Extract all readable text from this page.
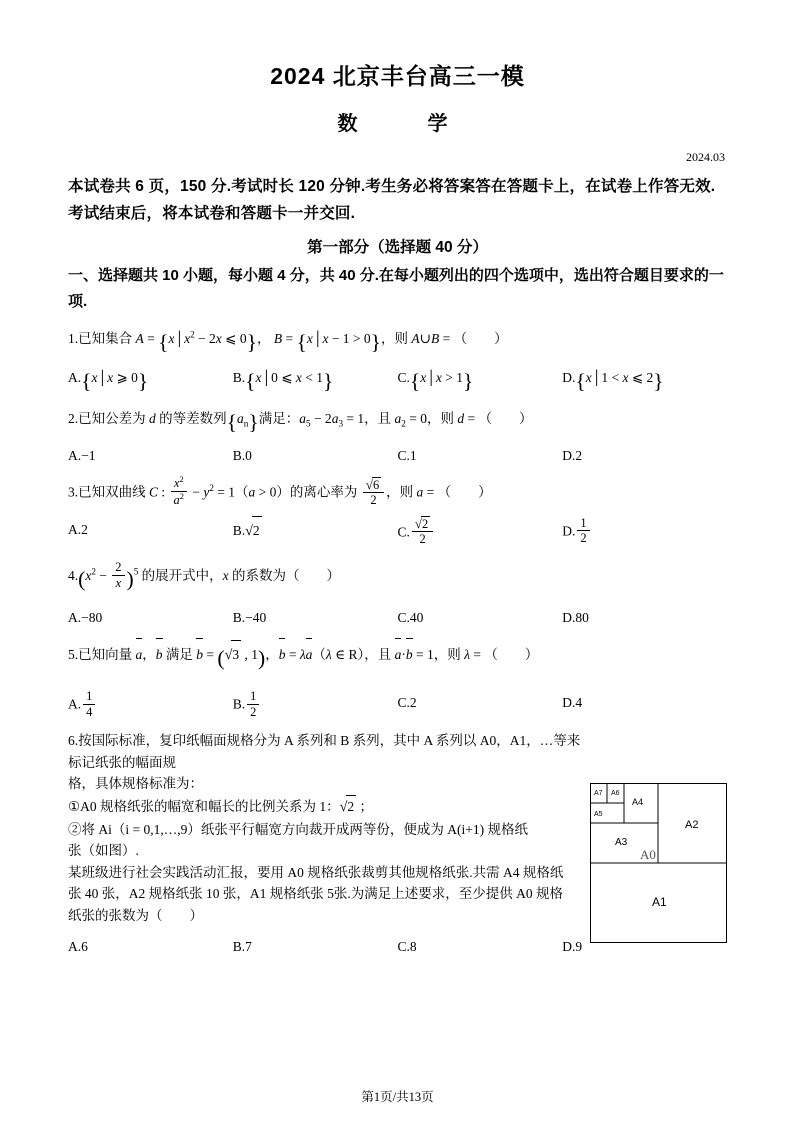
2024 北京丰台高三一模
数　　学
2024.03
本试卷共 6 页，150 分.考试时长 120 分钟.考生务必将答案答在答题卡上，在试卷上作答无效.
考试结束后，将本试卷和答题卡一并交回.
第一部分（选择题 40 分）
一、选择题共 10 小题，每小题 4 分，共 40 分.在每小题列出的四个选项中，选出符合题目要求的一项.
1.已知集合 $A = \{x│x^2 - 2x$ ⩽ 0}， B = {x│x − 1 > 0}，则 A∪B = （　　）
A.{x│x ⩾ 0}	B.{x│0 ⩽ x < 1}	C.{x│x > 1}	D.{x│1 < x ⩽ 2}
2.已知公差为 d 的等差数列$\{a_n\}$满足：$a_5 - 2a_3 = 1$，且 $a_2 = 0$，则 d = （　　）
A.−1	B.0	C.1	D.2
3.已知双曲线 C : $\frac{x^2}{a^2} - y^2 = 1(a > 0)$的离心率为 $\frac{√6}{2}$ ，则 a = （　　）
A.2	B.√2	C. $\frac{√2}{2}$	D. $\frac{1}{2}$
$4.(x^2 - \frac{2}{x} )^5$ 的展开式中，x 的系数为（　　）
A.−80	B.−40	C.40	D.80
5.已知向量 a，b 满足 b = (√3 , 1)，b = λa（λ ∈ R），且 a·b = 1，则 λ = （　　）
A. $\frac{1}{4}$	B. $\frac{1}{2}$	C.2	D.4
6.按国际标准，复印纸幅面规格分为 A 系列和 B 系列，其中 A 系列以 A0，A1，…等来标记纸张的幅面规
格，具体规格标准为：
①A0 规格纸张的幅宽和幅长的比例关系为 1：√2 ；
②将 Ai（i = 0,1,…,9）纸张平行幅宽方向裁开成两等份，便成为 A(i+1) 规格纸
张（如图）.
某班级进行社会实践活动汇报，要用 A0 规格纸张裁剪其他规格纸张.共需 A4 规格纸
张 40 张，A2 规格纸张 10 张，A1 规格纸张 5张.为满足上述要求，至少提供 A0 规格
纸张的张数为（　　）
A.6	B.7	C.8	D.9
A7 A6
A5
A4
A3
A2
A0
A1
第1页/共13页
